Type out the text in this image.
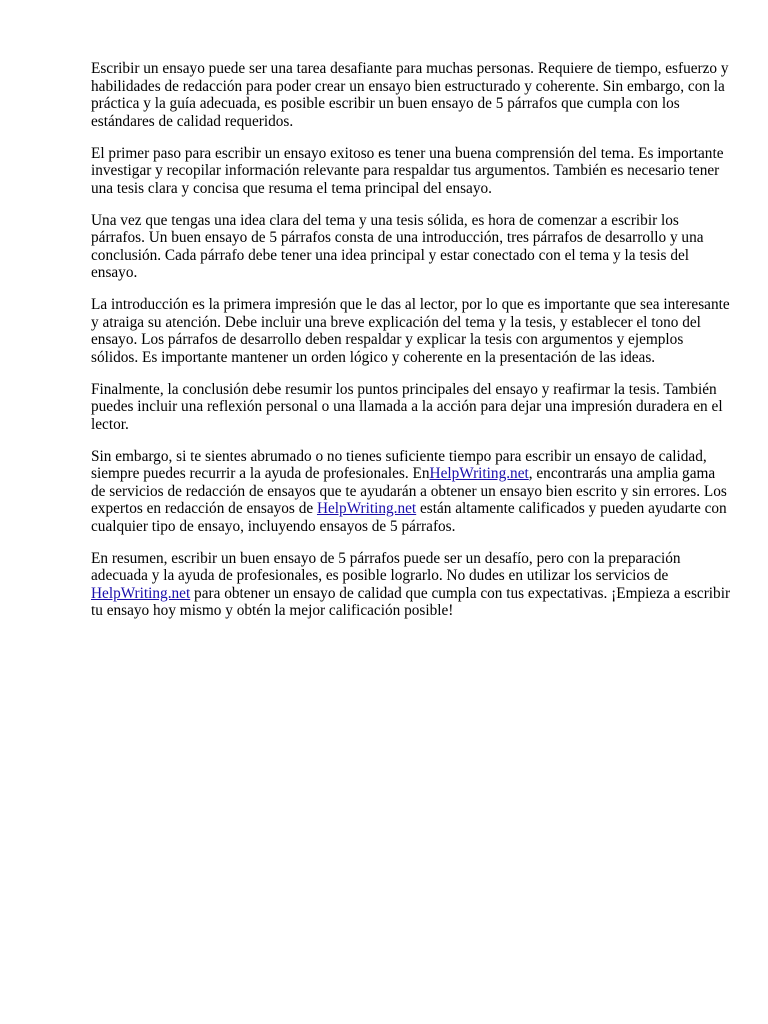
Escribir un ensayo puede ser una tarea desafiante para muchas personas. Requiere de tiempo, esfuerzo y habilidades de redacción para poder crear un ensayo bien estructurado y coherente. Sin embargo, con la práctica y la guía adecuada, es posible escribir un buen ensayo de 5 párrafos que cumpla con los estándares de calidad requeridos.

El primer paso para escribir un ensayo exitoso es tener una buena comprensión del tema. Es importante investigar y recopilar información relevante para respaldar tus argumentos. También es necesario tener una tesis clara y concisa que resuma el tema principal del ensayo.

Una vez que tengas una idea clara del tema y una tesis sólida, es hora de comenzar a escribir los párrafos. Un buen ensayo de 5 párrafos consta de una introducción, tres párrafos de desarrollo y una conclusión. Cada párrafo debe tener una idea principal y estar conectado con el tema y la tesis del ensayo.

La introducción es la primera impresión que le das al lector, por lo que es importante que sea interesante y atraiga su atención. Debe incluir una breve explicación del tema y la tesis, y establecer el tono del ensayo. Los párrafos de desarrollo deben respaldar y explicar la tesis con argumentos y ejemplos sólidos. Es importante mantener un orden lógico y coherente en la presentación de las ideas.

Finalmente, la conclusión debe resumir los puntos principales del ensayo y reafirmar la tesis. También puedes incluir una reflexión personal o una llamada a la acción para dejar una impresión duradera en el lector.

Sin embargo, si te sientes abrumado o no tienes suficiente tiempo para escribir un ensayo de calidad, siempre puedes recurrir a la ayuda de profesionales. EnHelpWriting.net, encontrarás una amplia gama de servicios de redacción de ensayos que te ayudarán a obtener un ensayo bien escrito y sin errores. Los expertos en redacción de ensayos de HelpWriting.net están altamente calificados y pueden ayudarte con cualquier tipo de ensayo, incluyendo ensayos de 5 párrafos.

En resumen, escribir un buen ensayo de 5 párrafos puede ser un desafío, pero con la preparación adecuada y la ayuda de profesionales, es posible lograrlo. No dudes en utilizar los servicios de HelpWriting.net para obtener un ensayo de calidad que cumpla con tus expectativas. ¡Empieza a escribir tu ensayo hoy mismo y obtén la mejor calificación posible!
